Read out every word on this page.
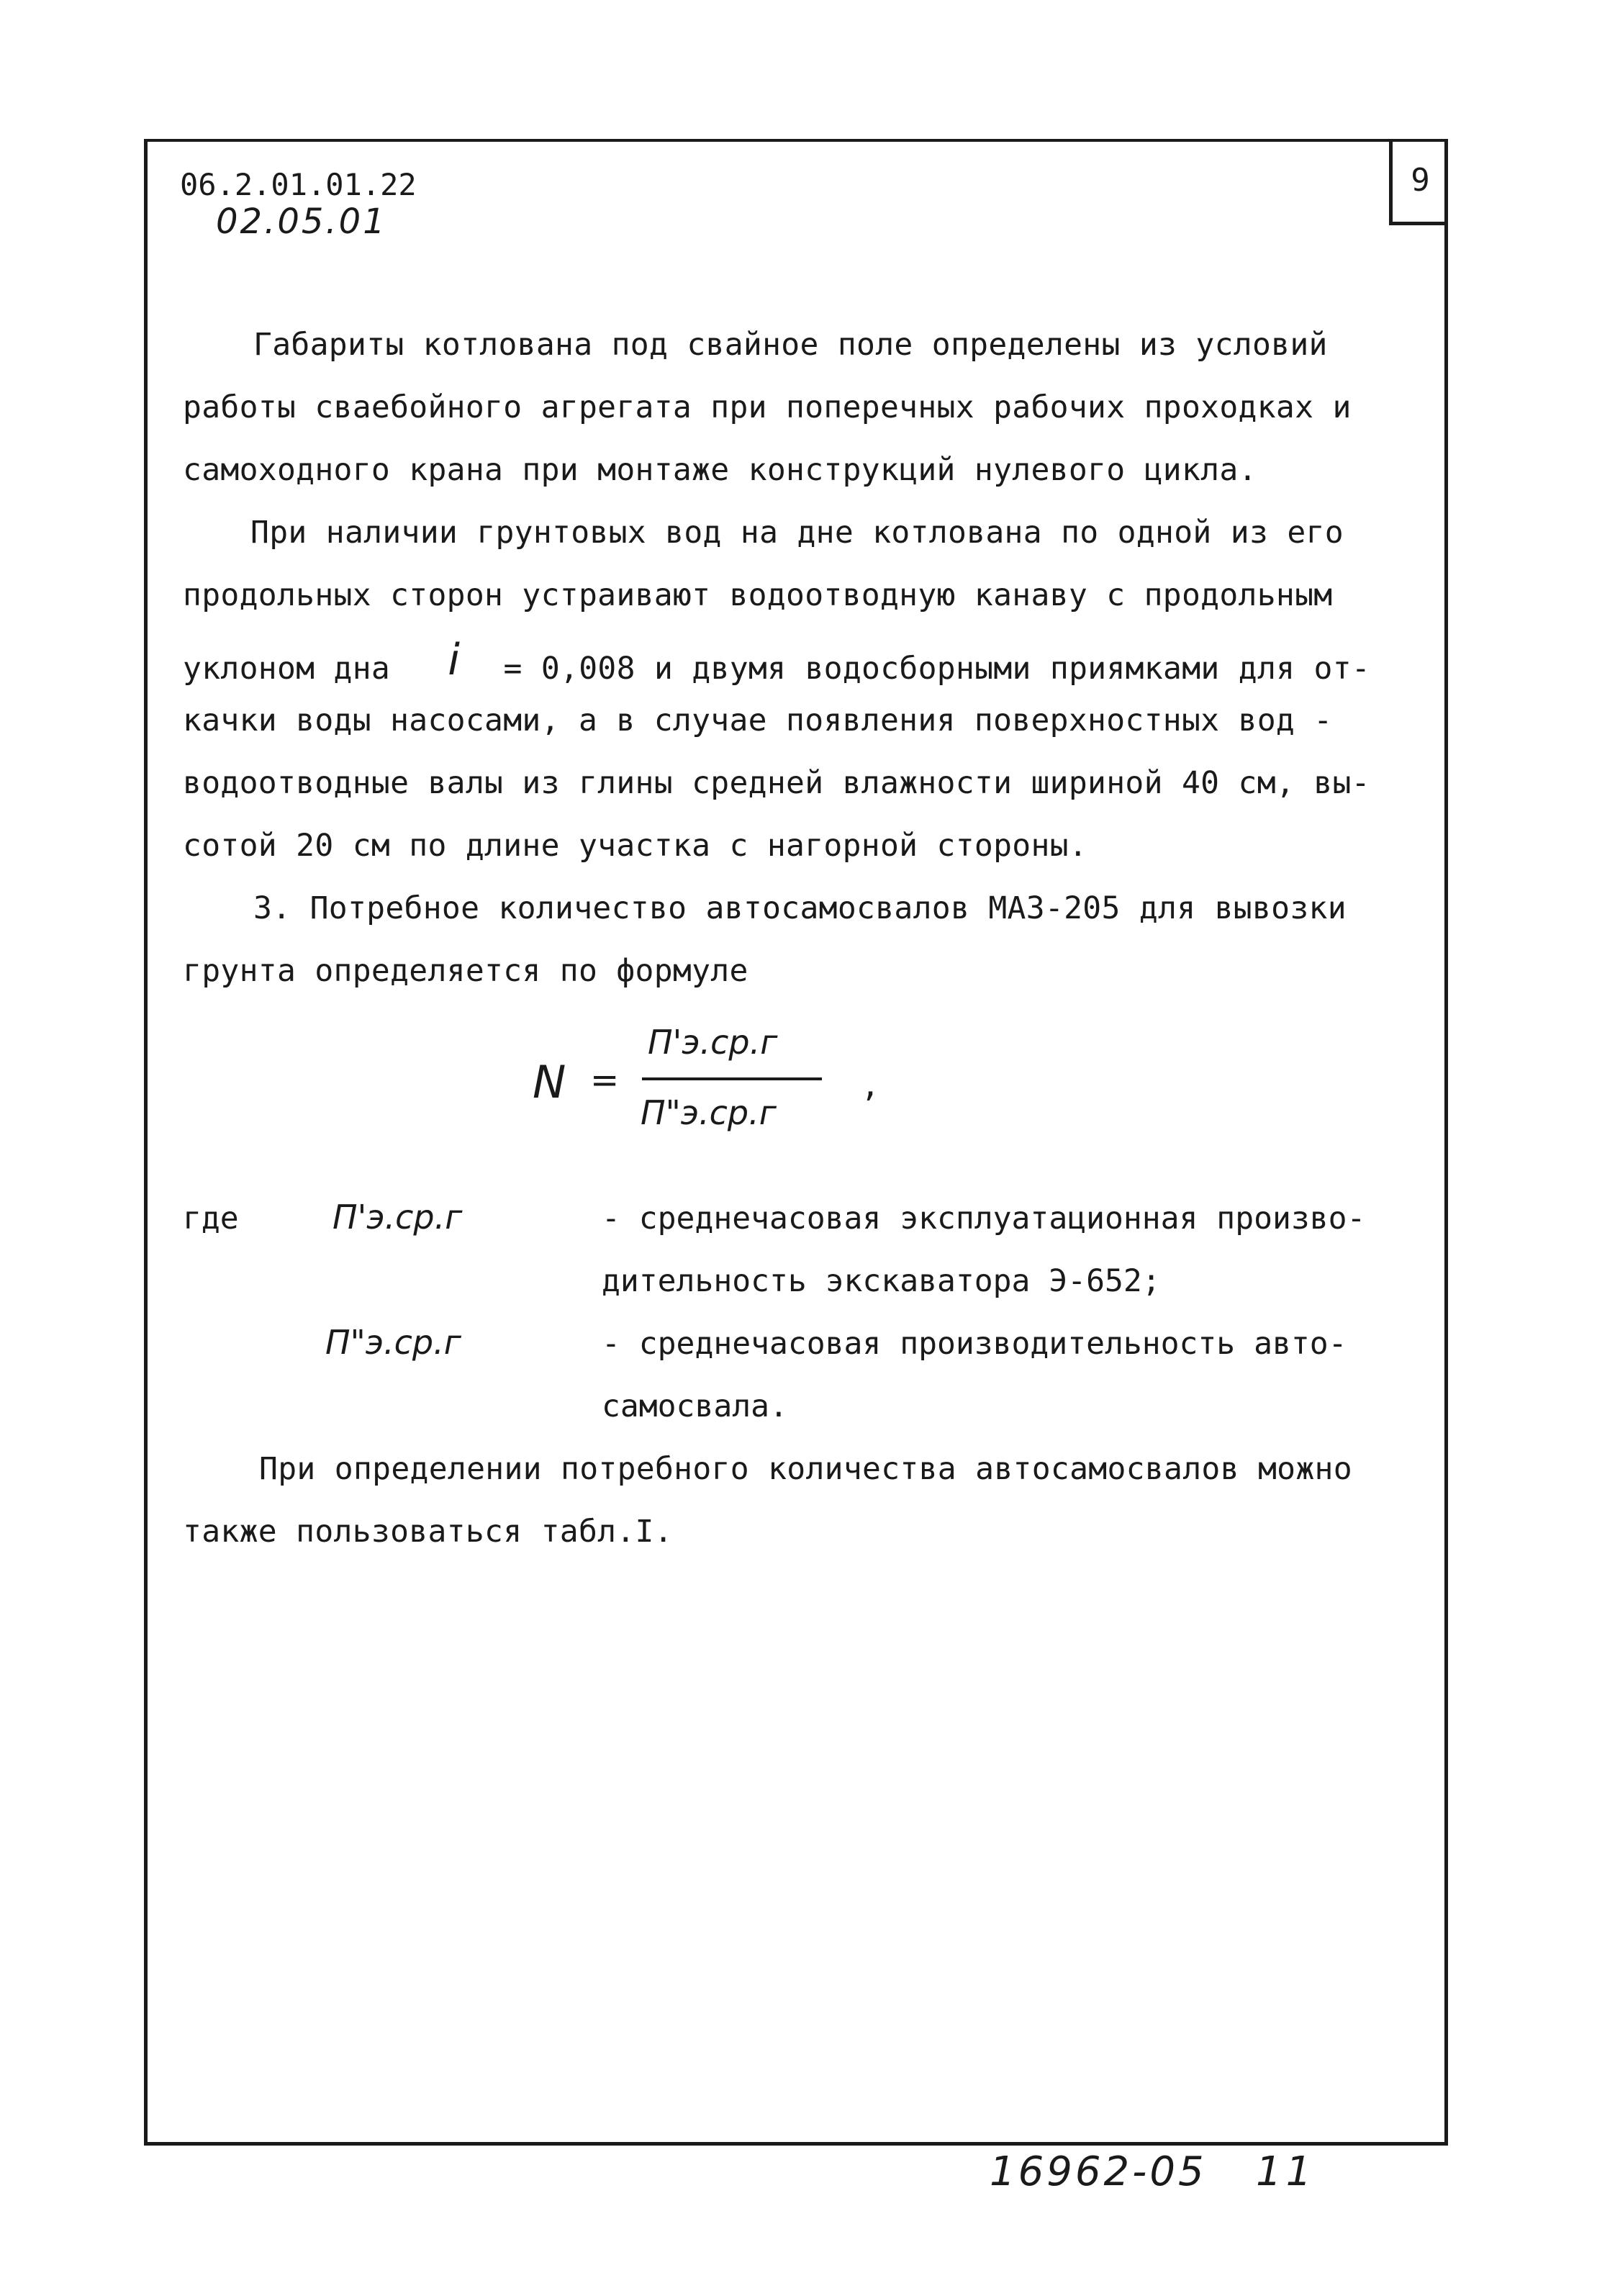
9
06.2.01.01.22
02.05.01
Габариты котлована под свайное поле определены из условий
работы сваебойного агрегата при поперечных рабочих проходках и
самоходного крана при монтаже конструкций нулевого цикла.
При наличии грунтовых вод на дне котлована по одной из его
продольных сторон устраивают водоотводную канаву с продольным
уклоном дна i = 0,008 и двумя водосборными приямками для от-
качки воды насосами, а в случае появления поверхностных вод -
водоотводные валы из глины средней влажности шириной 40 см, вы-
сотой 20 см по длине участка с нагорной стороны.
3. Потребное количество автосамосвалов МАЗ-205 для вывозки
грунта определяется по формуле
N =
П'э.ср.г
П"э.ср.г
,
где	П'э.ср.г	- среднечасовая эксплуатационная произво-
дительность экскаватора Э-652;
П"э.ср.г	- среднечасовая производительность авто-
самосвала.
При определении потребного количества автосамосвалов можно
также пользоваться табл.I.
16962-05 11
